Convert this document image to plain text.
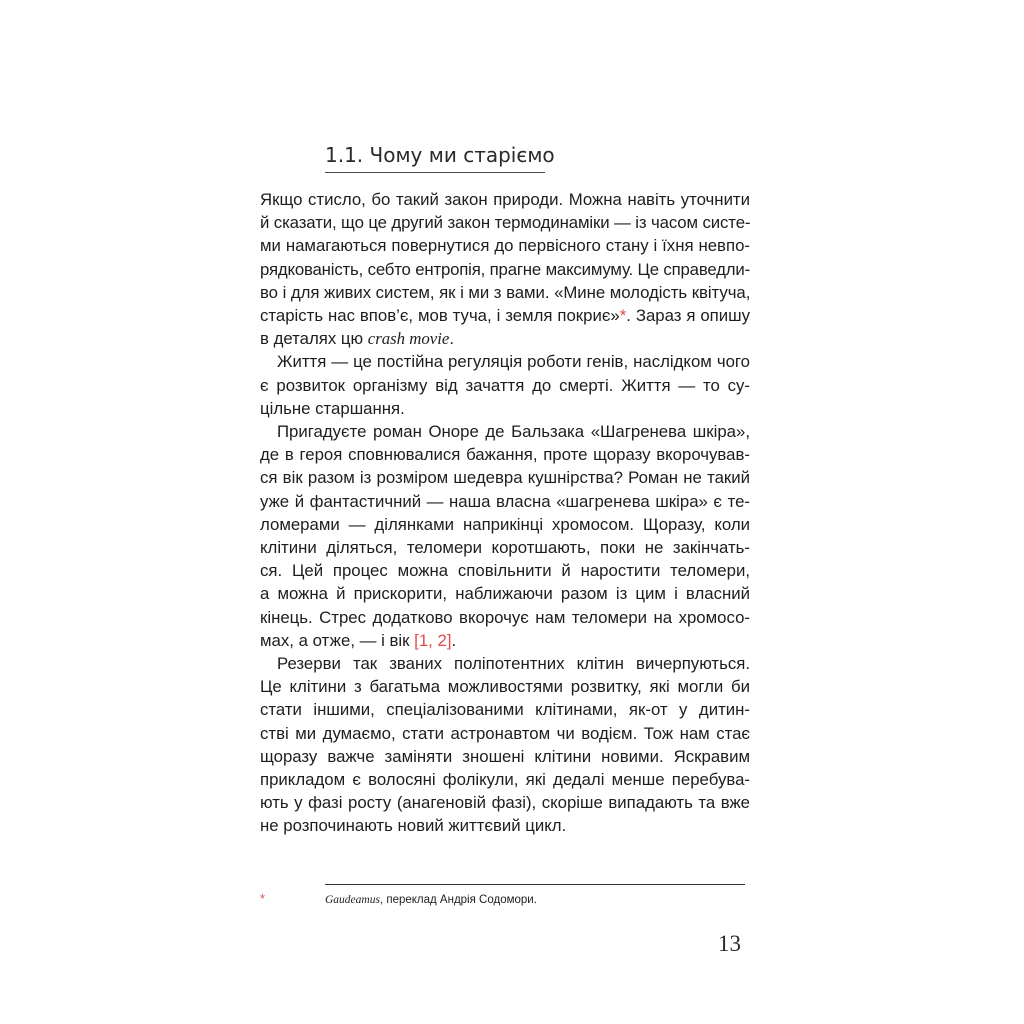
1.1. Чому ми старіємо
Якщо стисло, бо такий закон природи. Можна навіть уточнити
й сказати, що це другий закон термодинаміки — із часом систе-
ми намагаються повернутися до первісного стану і їхня невпо-
рядкованість, себто ентропія, прагне максимуму. Це справедли-
во і для живих систем, як і ми з вами. «Мине молодість квітуча,
старість нас впов’є, мов туча, і земля покриє»*. Зараз я опишу
в деталях цю crash movie.
Життя — це постійна регуляція роботи генів, наслідком чого
є розвиток організму від зачаття до смерті. Життя — то су-
цільне старшання.
Пригадуєте роман Оноре де Бальзака «Шагренева шкіра»,
де в героя сповнювалися бажання, проте щоразу вкорочував-
ся вік разом із розміром шедевра кушнірства? Роман не такий
уже й фантастичний — наша власна «шагренева шкіра» є те-
ломерами — ділянками наприкінці хромосом. Щоразу, коли
клітини діляться, теломери коротшають, поки не закінчать-
ся. Цей процес можна сповільнити й наростити теломери,
а можна й прискорити, наближаючи разом із цим і власний
кінець. Стрес додатково вкорочує нам теломери на хромосо-
мах, а отже, — і вік [1, 2].
Резерви так званих поліпотентних клітин вичерпуються.
Це клітини з багатьма можливостями розвитку, які могли би
стати іншими, спеціалізованими клітинами, як-от у дитин-
стві ми думаємо, стати астронавтом чи водієм. Тож нам стає
щоразу важче заміняти зношені клітини новими. Яскравим
прикладом є волосяні фолікули, які дедалі менше перебува-
ють у фазі росту (анагеновій фазі), скоріше випадають та вже
не розпочинають новий життєвий цикл.
*	Gaudeamus, переклад Андрія Содомори.
13
